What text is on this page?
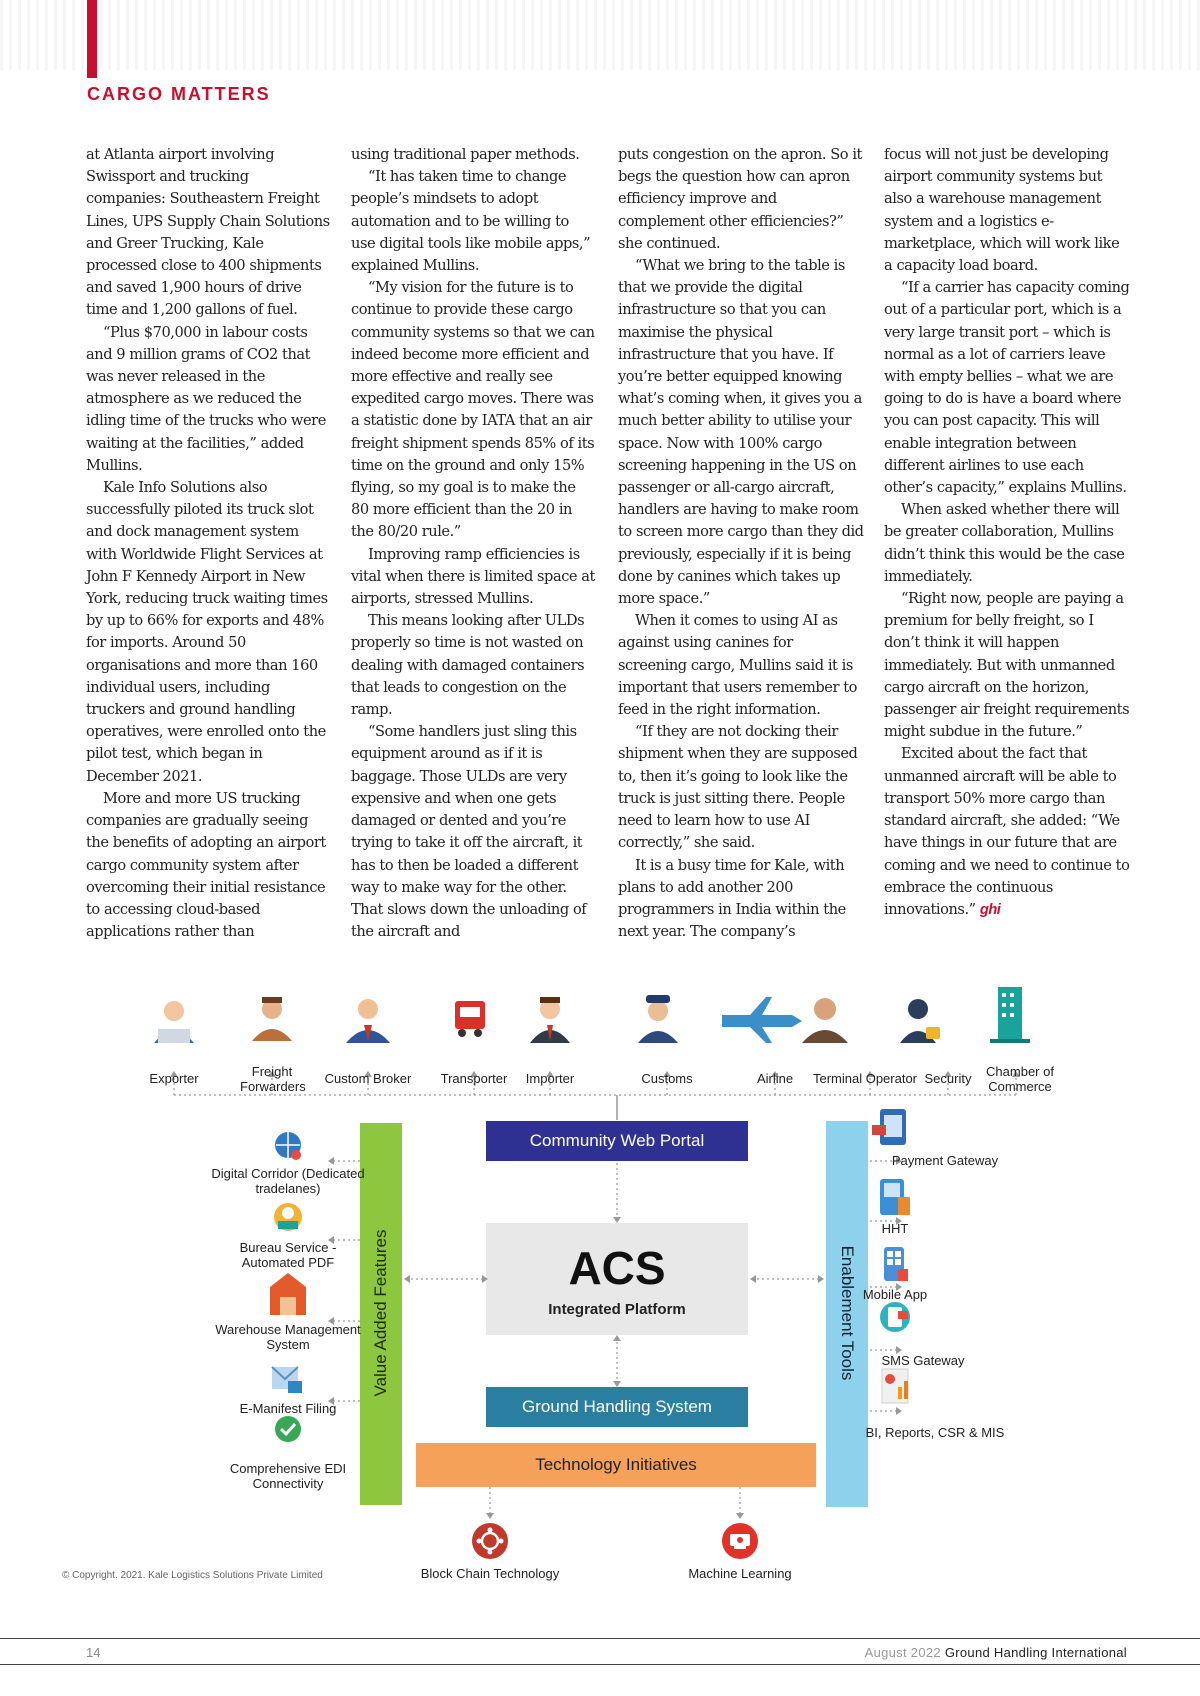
CARGO MATTERS

at Atlanta airport involving Swissport and trucking companies: Southeastern Freight Lines, UPS Supply Chain Solutions and Greer Trucking, Kale processed close to 400 shipments and saved 1,900 hours of drive time and 1,200 gallons of fuel.

“Plus $70,000 in labour costs and 9 million grams of CO2 that was never released in the atmosphere as we reduced the idling time of the trucks who were waiting at the facilities,” added Mullins.

Kale Info Solutions also successfully piloted its truck slot and dock management system with Worldwide Flight Services at John F Kennedy Airport in New York, reducing truck waiting times by up to 66% for exports and 48% for imports. Around 50 organisations and more than 160 individual users, including truckers and ground handling operatives, were enrolled onto the pilot test, which began in December 2021.

More and more US trucking companies are gradually seeing the benefits of adopting an airport cargo community system after overcoming their initial resistance to accessing cloud-based applications rather than

using traditional paper methods.

“It has taken time to change people’s mindsets to adopt automation and to be willing to use digital tools like mobile apps,” explained Mullins.

“My vision for the future is to continue to provide these cargo community systems so that we can indeed become more efficient and more effective and really see expedited cargo moves. There was a statistic done by IATA that an air freight shipment spends 85% of its time on the ground and only 15% flying, so my goal is to make the 80 more efficient than the 20 in the 80/20 rule.”

Improving ramp efficiencies is vital when there is limited space at airports, stressed Mullins.

This means looking after ULDs properly so time is not wasted on dealing with damaged containers that leads to congestion on the ramp.

“Some handlers just sling this equipment around as if it is baggage. Those ULDs are very expensive and when one gets damaged or dented and you’re trying to take it off the aircraft, it has to then be loaded a different way to make way for the other. That slows down the unloading of the aircraft and

puts congestion on the apron. So it begs the question how can apron efficiency improve and complement other efficiencies?” she continued.

“What we bring to the table is that we provide the digital infrastructure so that you can maximise the physical infrastructure that you have. If you’re better equipped knowing what’s coming when, it gives you a much better ability to utilise your space. Now with 100% cargo screening happening in the US on passenger or all-cargo aircraft, handlers are having to make room to screen more cargo than they did previously, especially if it is being done by canines which takes up more space.”

When it comes to using AI as against using canines for screening cargo, Mullins said it is important that users remember to feed in the right information.

“If they are not docking their shipment when they are supposed to, then it’s going to look like the truck is just sitting there. People need to learn how to use AI correctly,” she said.

It is a busy time for Kale, with plans to add another 200 programmers in India within the next year. The company’s

focus will not just be developing airport community systems but also a warehouse management system and a logistics e-marketplace, which will work like a capacity load board.

“If a carrier has capacity coming out of a particular port, which is a very large transit port – which is normal as a lot of carriers leave with empty bellies – what we are going to do is have a board where you can post capacity. This will enable integration between different airlines to use each other’s capacity,” explains Mullins.

When asked whether there will be greater collaboration, Mullins didn’t think this would be the case immediately.

“Right now, people are paying a premium for belly freight, so I don’t think it will happen immediately. But with unmanned cargo aircraft on the horizon, passenger air freight requirements might subdue in the future.”

Excited about the fact that unmanned aircraft will be able to transport 50% more cargo than standard aircraft, she added: “We have things in our future that are coming and we need to continue to embrace the continuous innovations.” ghi

Exporter	Freight Forwarders
Custom Broker	Transporter	Importer	Customs	Airline	Terminal Operator Security	Chamber of Commerce
Community Web Portal
ACS
Integrated Platform
Ground Handling System
Technology Initiatives
Value Added Features	Enablement Tools
Digital Corridor (Dedicated tradelanes)
Bureau Service - Automated PDF
Warehouse Management System
E-Manifest Filing
Comprehensive EDI Connectivity
Payment Gateway
HHT
Mobile App
SMS Gateway
BI, Reports, CSR & MIS
Block Chain Technology	Machine Learning
© Copyright. 2021. Kale Logistics Solutions Private Limited
14	August 2022 Ground Handling International
